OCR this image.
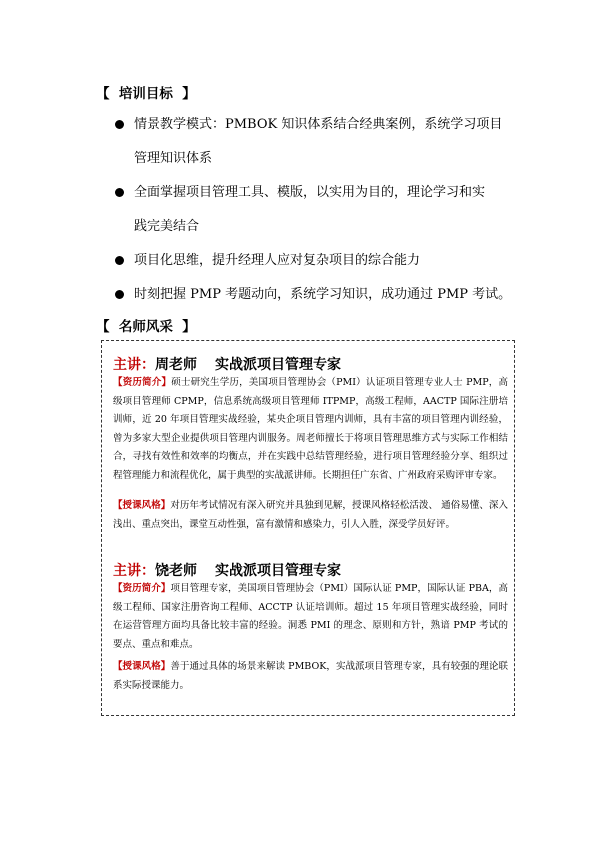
【  培训目标  】
情景教学模式：PMBOK 知识体系结合经典案例，系统学习项目
管理知识体系
全面掌握项目管理工具、模版，以实用为目的，理论学习和实
践完美结合
项目化思维，提升经理人应对复杂项目的综合能力
时刻把握 PMP 考题动向，系统学习知识，成功通过 PMP 考试。
【  名师风采  】
主讲：周老师 实战派项目管理专家

【资历简介】硕士研究生学历，美国项目管理协会（PMI）认证项目管理专业人士 PMP，高级项目管理师 CPMP，信息系统高级项目管理师 ITPMP，高级工程师，AACTP 国际注册培训师，近 20 年项目管理实战经验，某央企项目管理内训师，具有丰富的项目管理内训经验，曾为多家大型企业提供项目管理内训服务。周老师擅长于将项目管理思维方式与实际工作相结合，寻找有效性和效率的均衡点，并在实践中总结管理经验，进行项目管理经验分享、组织过程管理能力和流程优化，属于典型的实战派讲师。长期担任广东省、广州政府采购评审专家。

【授课风格】对历年考试情况有深入研究并具独到见解，授课风格轻松活泼、 通俗易懂、深入浅出、重点突出，课堂互动性强，富有激情和感染力，引人入胜，深受学员好评。

主讲：饶老师 实战派项目管理专家

【资历简介】项目管理专家，美国项目管理协会（PMI）国际认证 PMP，国际认证 PBA，高级工程师、国家注册咨询工程师、ACCTP 认证培训师。超过 15 年项目管理实战经验，同时在运营管理方面均具备比较丰富的经验。洞悉 PMI 的理念、原则和方针，熟谙 PMP 考试的要点、重点和难点。

【授课风格】善于通过具体的场景来解读 PMBOK，实战派项目管理专家，具有较强的理论联系实际授课能力。
